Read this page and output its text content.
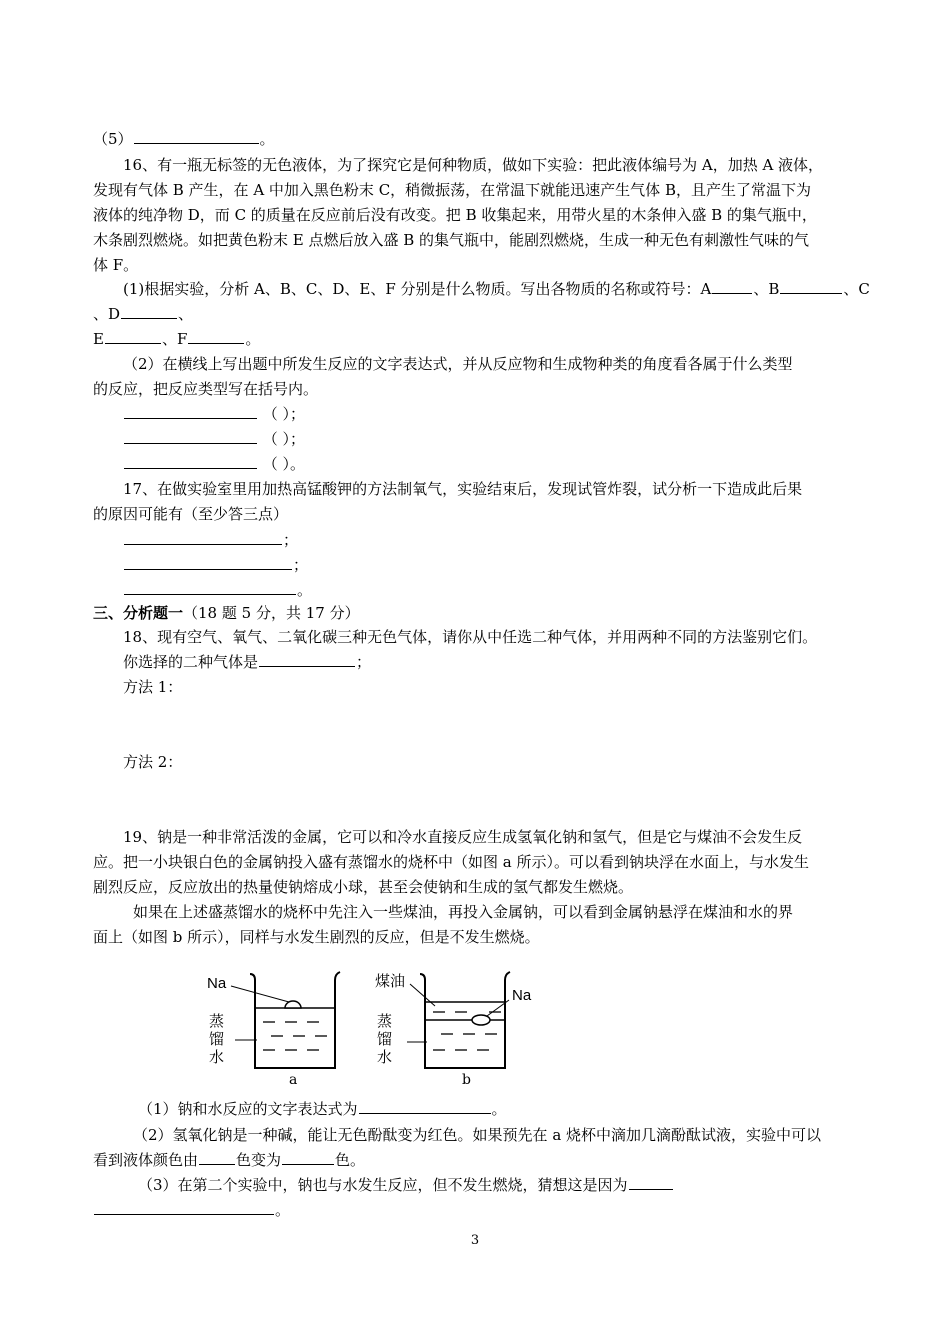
（5）	。
16、有一瓶无标签的无色液体，为了探究它是何种物质，做如下实验：把此液体编号为 A，加热 A 液体，
发现有气体 B 产生，在 A 中加入黑色粉末 C，稍微振荡，在常温下就能迅速产生气体 B，且产生了常温下为
液体的纯净物 D，而 C 的质量在反应前后没有改变。把 B 收集起来，用带火星的木条伸入盛 B 的集气瓶中，
木条剧烈燃烧。如把黄色粉末 E 点燃后放入盛 B 的集气瓶中，能剧烈燃烧，生成一种无色有刺激性气味的气
体 F。
(1)根据实验，分析 A、B、C、D、E、F 分别是什么物质。写出各物质的名称或符号：A	、B	、C
、D	、
E	、F	。
（2）在横线上写出题中所发生反应的文字表达式，并从反应物和生成物种类的角度看各属于什么类型
的反应，把反应类型写在括号内。
（ ）；
（ ）；
（ ）。
17、在做实验室里用加热高锰酸钾的方法制氧气，实验结束后，发现试管炸裂，试分析一下造成此后果
的原因可能有（至少答三点）
；
；
。
三、分析题一（18 题 5 分，共 17 分）
18、现有空气、氧气、二氧化碳三种无色气体，请你从中任选二种气体，并用两种不同的方法鉴别它们。
你选择的二种气体是	；
方法 1：
方法 2：
19、钠是一种非常活泼的金属，它可以和冷水直接反应生成氢氧化钠和氢气，但是它与煤油不会发生反
应。把一小块银白色的金属钠投入盛有蒸馏水的烧杯中（如图 a 所示）。可以看到钠块浮在水面上，与水发生
剧烈反应，反应放出的热量使钠熔成小球，甚至会使钠和生成的氢气都发生燃烧。
如果在上述盛蒸馏水的烧杯中先注入一些煤油，再投入金属钠，可以看到金属钠悬浮在煤油和水的界
面上（如图 b 所示），同样与水发生剧烈的反应，但是不发生燃烧。
Na
蒸
馏
水
a
煤油
Na
蒸
馏
水
b
（1）钠和水反应的文字表达式为	。
（2）氢氧化钠是一种碱，能让无色酚酞变为红色。如果预先在 a 烧杯中滴加几滴酚酞试液，实验中可以
看到液体颜色由	色变为	色。
（3）在第二个实验中，钠也与水发生反应，但不发生燃烧，猜想这是因为
。
3
